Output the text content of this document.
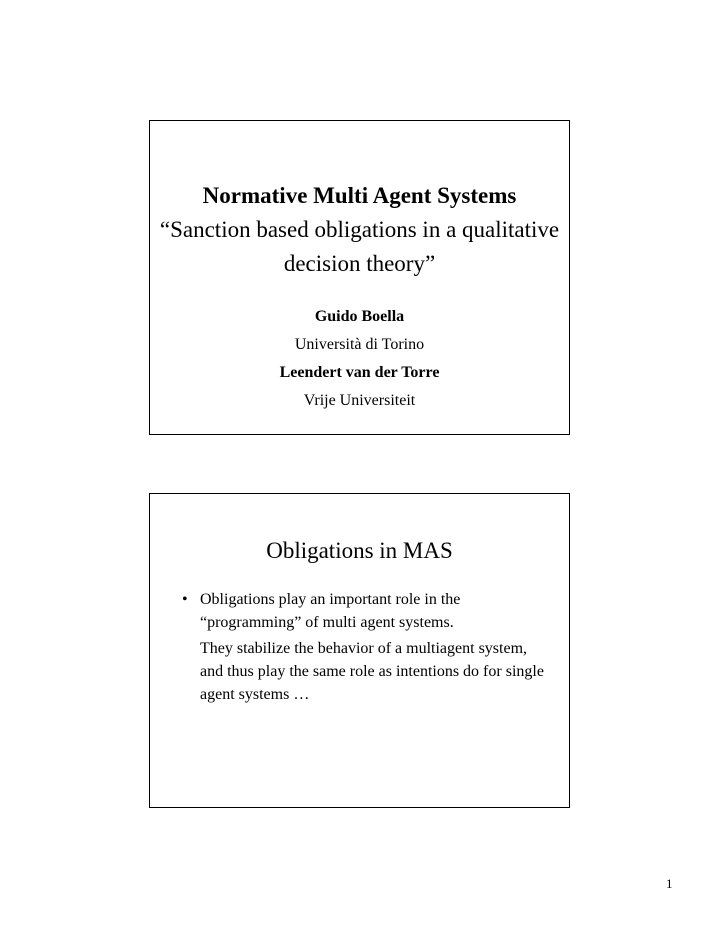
Normative Multi Agent Systems
“Sanction based obligations in a qualitative decision theory”
Guido Boella
Università di Torino
Leendert van der Torre
Vrije Universiteit
Obligations in MAS
• Obligations play an important role in the “programming” of multi agent systems.
They stabilize the behavior of a multiagent system, and thus play the same role as intentions do for single agent systems …
1
